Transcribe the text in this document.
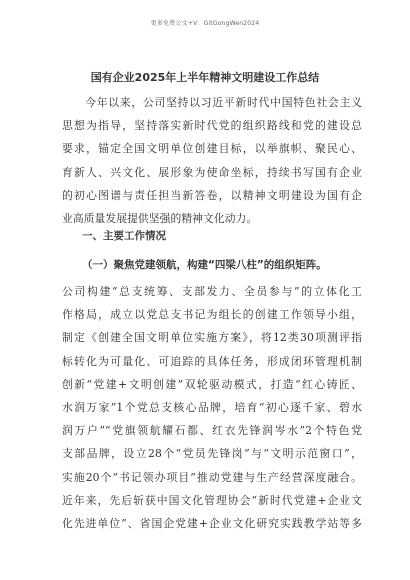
更多免费公文+V：GitGongWen2024
国有企业2025年上半年精神文明建设工作总结
　　今年以来，公司坚持以习近平新时代中国特色社会主义
思想为指导，坚持落实新时代党的组织路线和党的建设总
要求，锚定全国文明单位创建目标，以举旗帜、聚民心、
育新人、兴文化、展形象为使命坐标，持续书写国有企业
的初心图谱与责任担当新答卷，以精神文明建设为国有企
业高质量发展提供坚强的精神文化动力。
一、主要工作情况
（一）聚焦党建领航，构建“四梁八柱”的组织矩阵。
公司构建“总支统筹、支部发力、全员参与”的立体化工
作格局，成立以党总支书记为组长的创建工作领导小组，
制定《创建全国文明单位实施方案》，将12类30项测评指
标转化为可量化、可追踪的具体任务，形成闭环管理机制
创新“党建+文明创建”双轮驱动模式，打造“红心铸匠、
水润万家”1个党总支核心品牌，培育“初心逐千家、碧水
润万户”“党旗领航耀石都、红衣先锋润岑水”2个特色党
支部品牌，设立28个“党员先锋岗”与“文明示范窗口”，
实施20个“书记领办项目”推动党建与生产经营深度融合。
近年来，先后斩获中国文化管理协会“新时代党建+企业文
化先进单位”、省国企党建+企业文化研究实践教学站等多
